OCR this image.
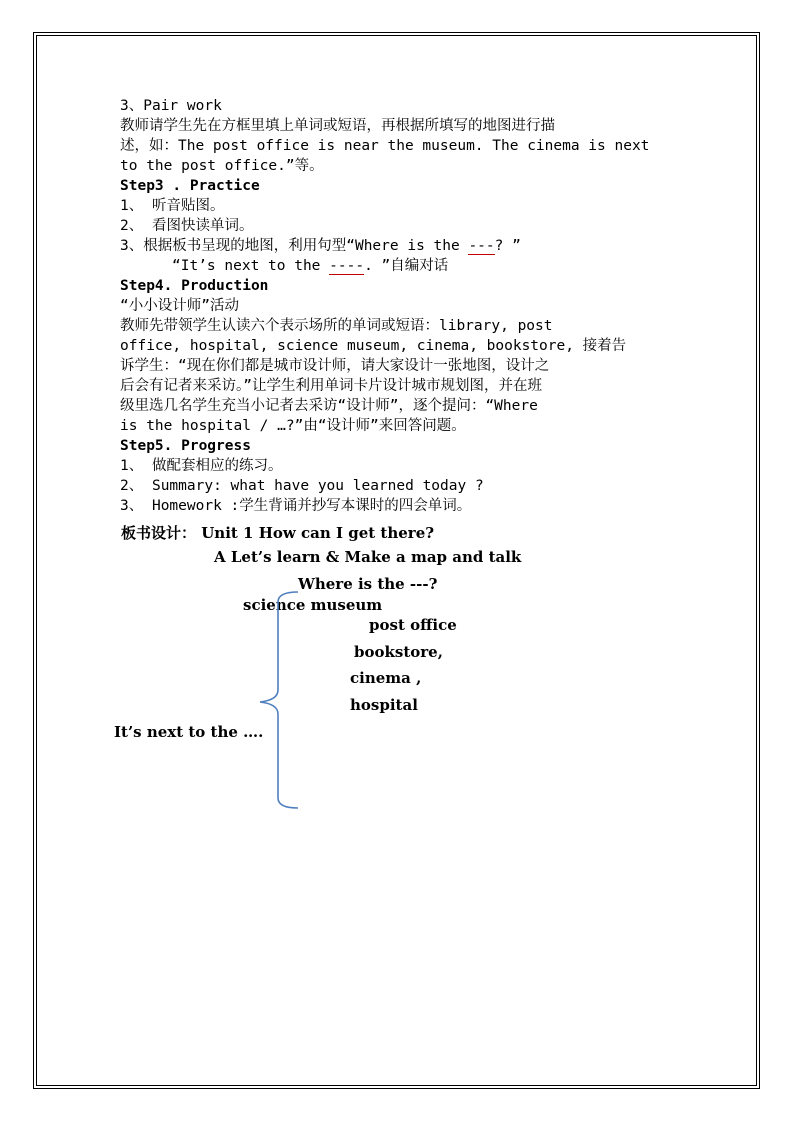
3、Pair work
教师请学生先在方框里填上单词或短语，再根据所填写的地图进行描
述，如：The post office is near the museum. The cinema is next
to the post office.”等。
Step3 . Practice
1、 听音贴图。
2、 看图快读单词。
3、根据板书呈现的地图，利用句型“Where is the ---? ”
“It’s next to the ----. ”自编对话
Step4. Production
“小小设计师”活动
教师先带领学生认读六个表示场所的单词或短语：library, post
office, hospital, science museum, cinema, bookstore, 接着告
诉学生：“现在你们都是城市设计师，请大家设计一张地图，设计之
后会有记者来采访。”让学生利用单词卡片设计城市规划图，并在班
级里选几名学生充当小记者去采访“设计师”，逐个提问：“Where
is the hospital / …?”由“设计师”来回答问题。
Step5. Progress
1、 做配套相应的练习。
2、 Summary: what have you learned today ?
3、 Homework :学生背诵并抄写本课时的四会单词。
板书设计： Unit 1 How can I get there?
A Let’s learn & Make a map and talk
Where is the ---?
science museum
post office
bookstore,
cinema ,
hospital
It’s next to the ….
